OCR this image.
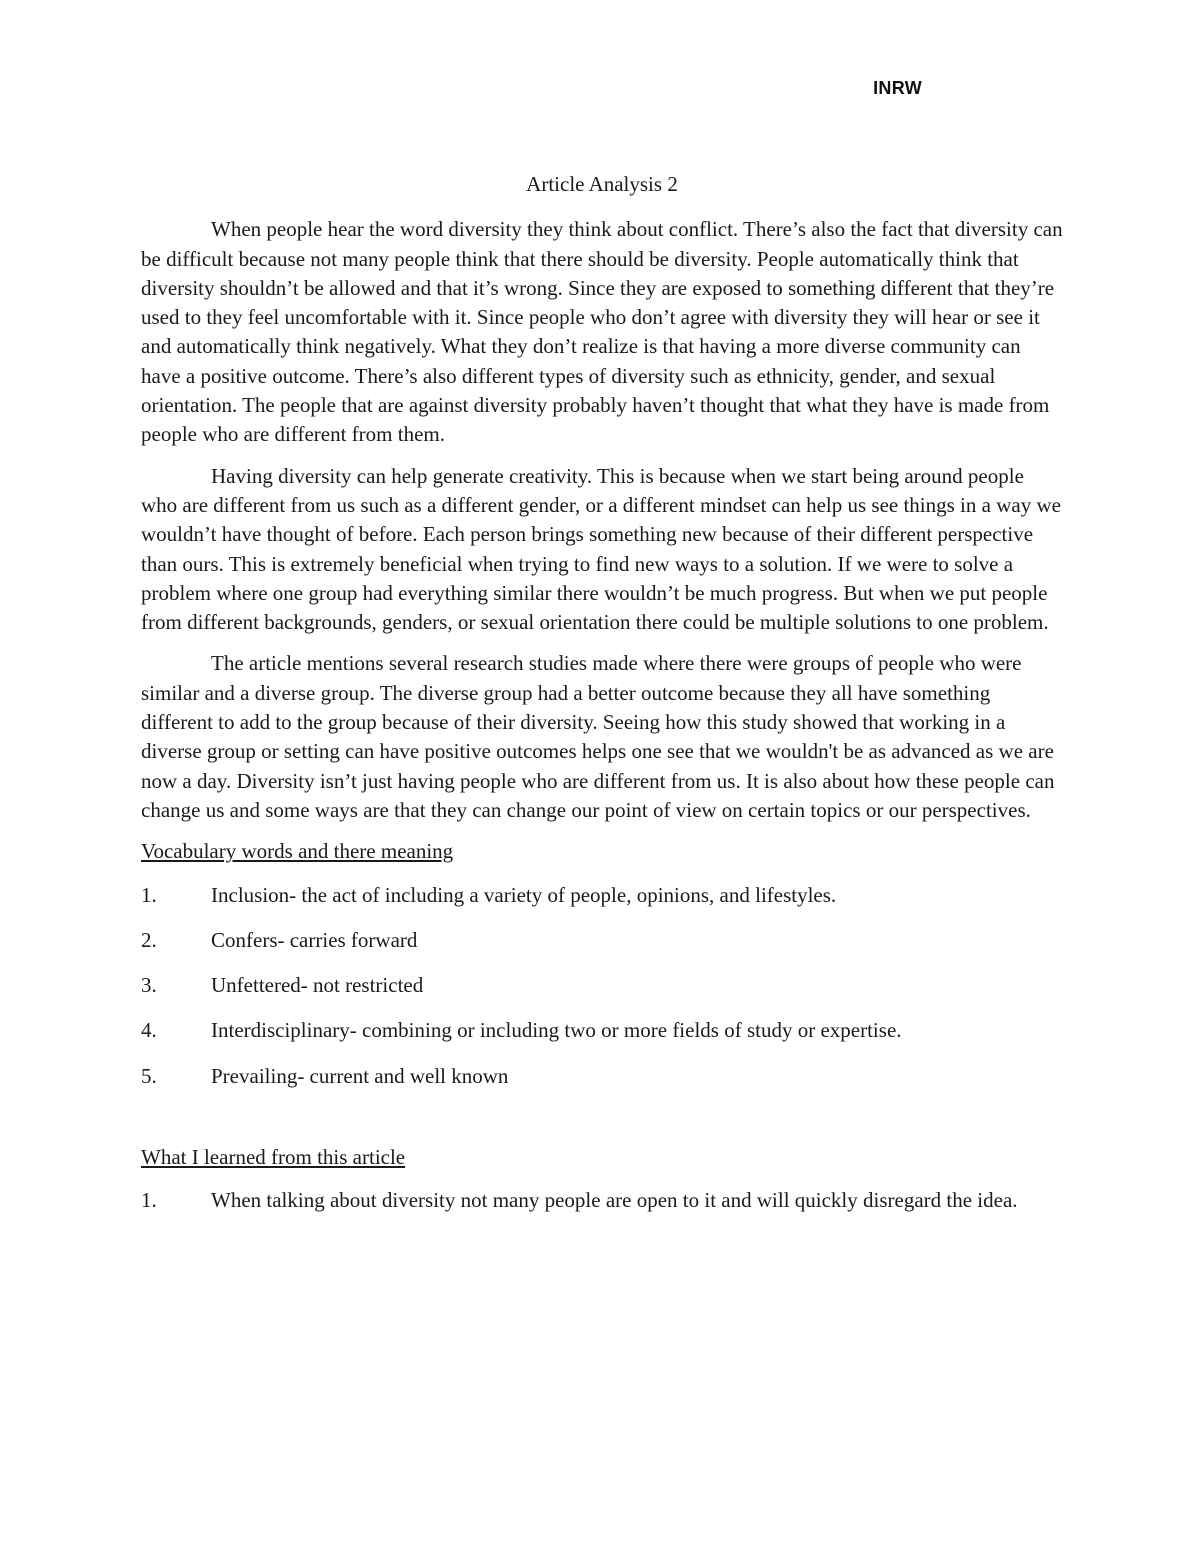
INRW
Article Analysis 2

When people hear the word diversity they think about conflict. There’s also the fact that diversity can be difficult because not many people think that there should be diversity. People automatically think that diversity shouldn’t be allowed and that it’s wrong. Since they are exposed to something different that they’re used to they feel uncomfortable with it. Since people who don’t agree with diversity they will hear or see it and automatically think negatively. What they don’t realize is that having a more diverse community can have a positive outcome. There’s also different types of diversity such as ethnicity, gender, and sexual orientation. The people that are against diversity probably haven’t thought that what they have is made from people who are different from them.

Having diversity can help generate creativity. This is because when we start being around people who are different from us such as a different gender, or a different mindset can help us see things in a way we wouldn’t have thought of before. Each person brings something new because of their different perspective than ours. This is extremely beneficial when trying to find new ways to a solution. If we were to solve a problem where one group had everything similar there wouldn’t be much progress. But when we put people from different backgrounds, genders, or sexual orientation there could be multiple solutions to one problem.

The article mentions several research studies made where there were groups of people who were similar and a diverse group. The diverse group had a better outcome because they all have something different to add to the group because of their diversity. Seeing how this study showed that working in a diverse group or setting can have positive outcomes helps one see that we wouldn't be as advanced as we are now a day. Diversity isn’t just having people who are different from us. It is also about how these people can change us and some ways are that they can change our point of view on certain topics or our perspectives.

Vocabulary words and there meaning
1.	Inclusion- the act of including a variety of people, opinions, and lifestyles.
2.	Confers- carries forward
3.	Unfettered- not restricted
4.	Interdisciplinary- combining or including two or more fields of study or expertise.
5.	Prevailing- current and well known
What I learned from this article

1.	When talking about diversity not many people are open to it and will quickly disregard the idea.
